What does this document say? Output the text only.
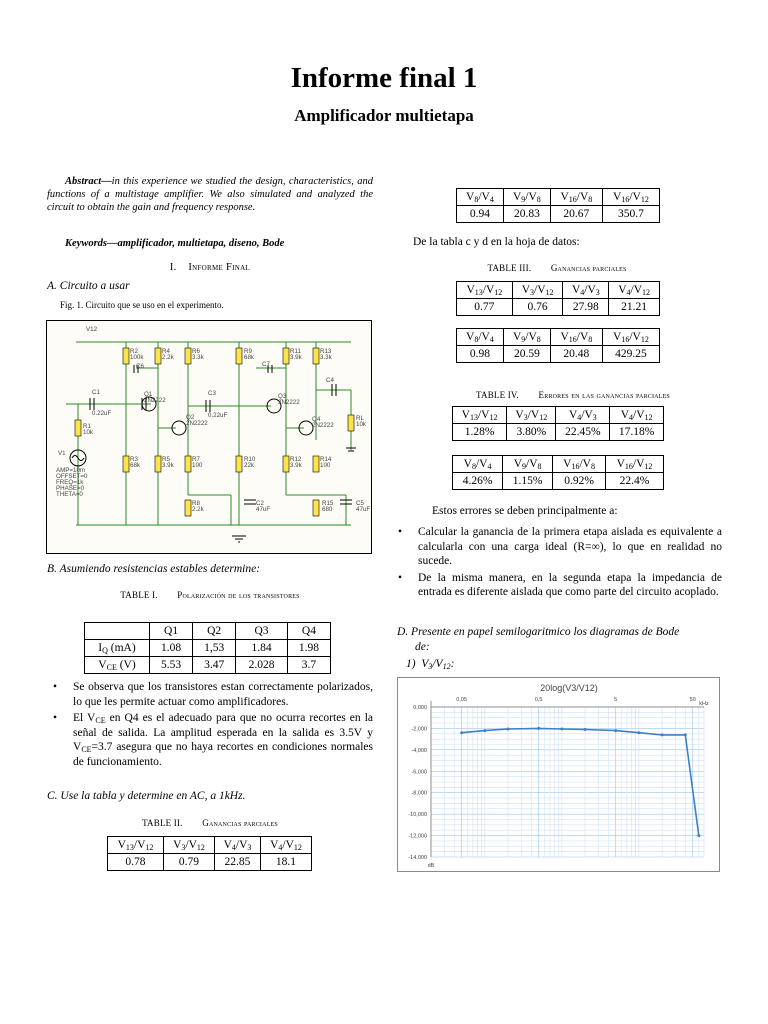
Informe final 1
Amplificador multietapa
Abstract—in this experience we studied the design, characteristics, and functions of a multistage amplifier. We also simulated and analyzed the circuit to obtain the gain and frequency response.
Keywords—amplificador, multietapa, diseno, Bode
I. Informe Final
A. Circuito a usar
Fig. 1. Circuito que se uso en el experimento.
V12
R2
100k
R4
2.2k
R6
3.3k
R9
68k
R11
3.9k
R13
3.3k
C6	C7
C4
C1
0.22uF
Q1
2N2222
C3
0.22uF
Q3
2N2222
Q2
2N2222
Q4
2N2222
RL
10k
R1
10k
V1
AMP=10m
OFFSET=0
FREQ=1k
PHASE=0
THETA=0
R3
68k
R5
3.9k
R7
100
R10
22k
R12
3.9k
R14
100
R8
2.2k
C2
47uF
R15
680
C5
47uF
B. Asumiendo resistencias estables determine:
TABLE I. Polarización de los transistores
	Q1	Q2	Q3	Q4
$I_Q$ (mA)	1.08	1,53	1.84	1.98
$V_{CE}$ (V)	5.53	3.47	2.028	3.7
• Se observa que los transistores estan correctamente polarizados, lo que les permite actuar como amplificadores.
• El $V_{CE}$ en Q4 es el adecuado para que no ocurra recortes en la señal de salida. La amplitud esperada en la salida es 3.5V y $V_{CE}=3.7$ asegura que no haya recortes en condiciones normales de funcionamiento.
C. Use la tabla y determine en AC, a 1kHz.
TABLE II. Ganancias parciales
$V_{13}/V_{12}$	$V_3/V_{12}$	$V_4/V_3$	$V_4/V_{12}$
0.78	0.79	22.85	18.1
$V_8/V_4$	$V_9/V_8$	$V_{16}/V_8$	$V_{16}/V_{12}$
0.94	20.83	20.67	350.7
De la tabla c y d en la hoja de datos:
TABLE III. Ganancias parciales
$V_{13}/V_{12}$	$V_3/V_{12}$	$V_4/V_3$	$V_4/V_{12}$
0.77	0.76	27.98	21.21
$V_8/V_4$	$V_9/V_8$	$V_{16}/V_8$	$V_{16}/V_{12}$
0.98	20.59	20.48	429.25
TABLE IV. Errores en las ganancias parciales
$V_{13}/V_{12}$	$V_3/V_{12}$	$V_4/V_3$	$V_4/V_{12}$
1.28%	3.80%	22.45%	17.18%
$V_8/V_4$	$V_9/V_8$	$V_{16}/V_8$	$V_{16}/V_{12}$
4.26%	1.15%	0.92%	22.4%
Estos errores se deben principalmente a:
• Calcular la ganancia de la primera etapa aislada es equivalente a calcularla con una carga ideal (R=∞), lo que en realidad no sucede.
• De la misma manera, en la segunda etapa la impedancia de entrada es diferente aislada que como parte del circuito acoplado.
D. Presente en papel semilogaritmico los diagramas de Bode
de:
1)  $V_3/V_{12}$:
0,000
-2,000
-4,000
-6,000
-8,000
-10,000
-12,000
-14,000
0,05	0,5	5	50
20log(V3/V12)
kHz
dB
